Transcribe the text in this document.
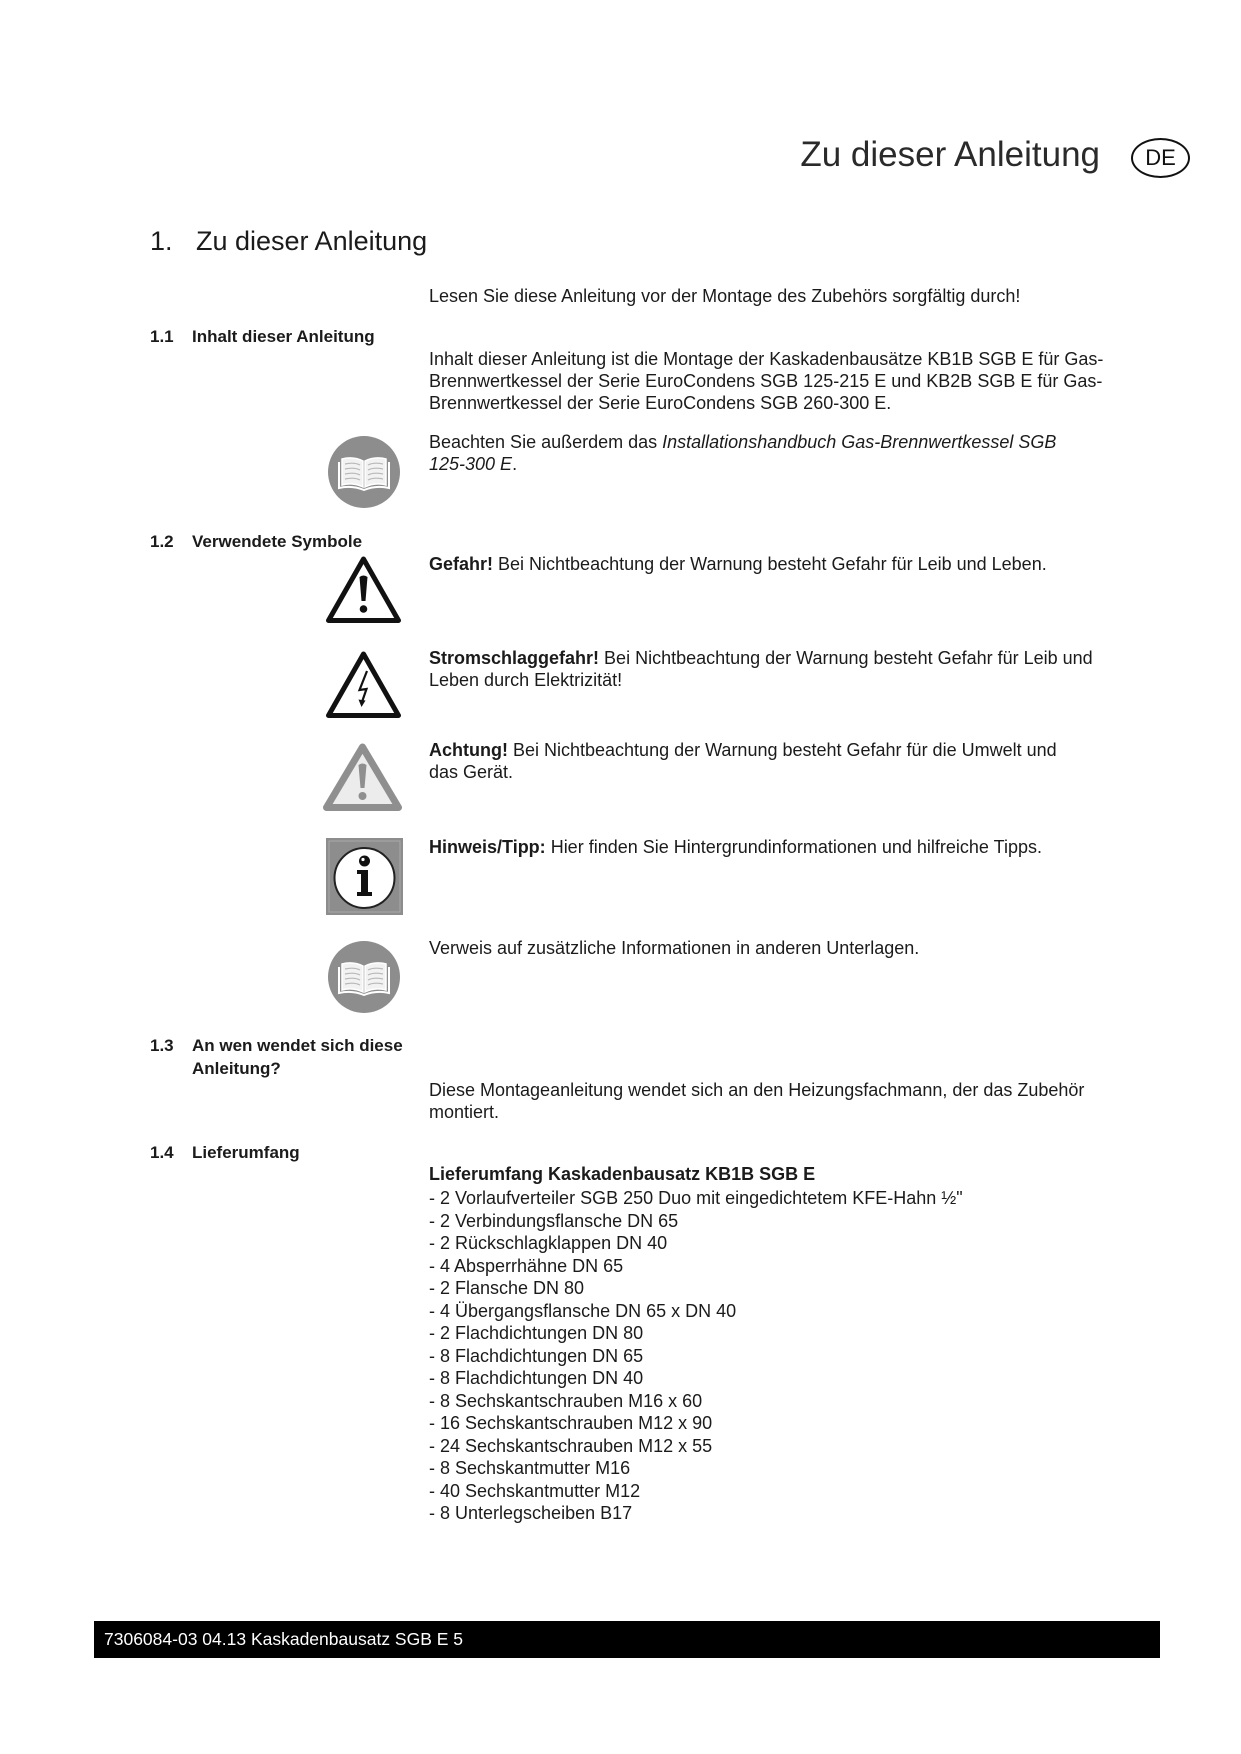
Zu dieser Anleitung DE
1. Zu dieser Anleitung
Lesen Sie diese Anleitung vor der Montage des Zubehörs sorgfältig durch!
1.1 Inhalt dieser Anleitung
Inhalt dieser Anleitung ist die Montage der Kaskadenbausätze KB1B SGB E für Gas-
Brennwertkessel der Serie EuroCondens SGB 125-215 E und KB2B SGB E für Gas-
Brennwertkessel der Serie EuroCondens SGB 260-300 E.
Beachten Sie außerdem das Installationshandbuch Gas-Brennwertkessel SGB
125-300 E.
1.2 Verwendete Symbole
Gefahr! Bei Nichtbeachtung der Warnung besteht Gefahr für Leib und Leben.
Stromschlaggefahr! Bei Nichtbeachtung der Warnung besteht Gefahr für Leib und
Leben durch Elektrizität!
Achtung! Bei Nichtbeachtung der Warnung besteht Gefahr für die Umwelt und
das Gerät.
Hinweis/Tipp: Hier finden Sie Hintergrundinformationen und hilfreiche Tipps.
Verweis auf zusätzliche Informationen in anderen Unterlagen.
1.3 An wen wendet sich diese
Anleitung?
Diese Montageanleitung wendet sich an den Heizungsfachmann, der das Zubehör
montiert.
1.4 Lieferumfang
Lieferumfang Kaskadenbausatz KB1B SGB E
- 2 Vorlaufverteiler SGB 250 Duo mit eingedichtetem KFE-Hahn ½"
- 2 Verbindungsflansche DN 65
- 2 Rückschlagklappen DN 40
- 4 Absperrhähne DN 65
- 2 Flansche DN 80
- 4 Übergangsflansche DN 65 x DN 40
- 2 Flachdichtungen DN 80
- 8 Flachdichtungen DN 65
- 8 Flachdichtungen DN 40
- 8 Sechskantschrauben M16 x 60
- 16 Sechskantschrauben M12 x 90
- 24 Sechskantschrauben M12 x 55
- 8 Sechskantmutter M16
- 40 Sechskantmutter M12
- 8 Unterlegscheiben B17
7306084-03 04.13 Kaskadenbausatz SGB E 5
